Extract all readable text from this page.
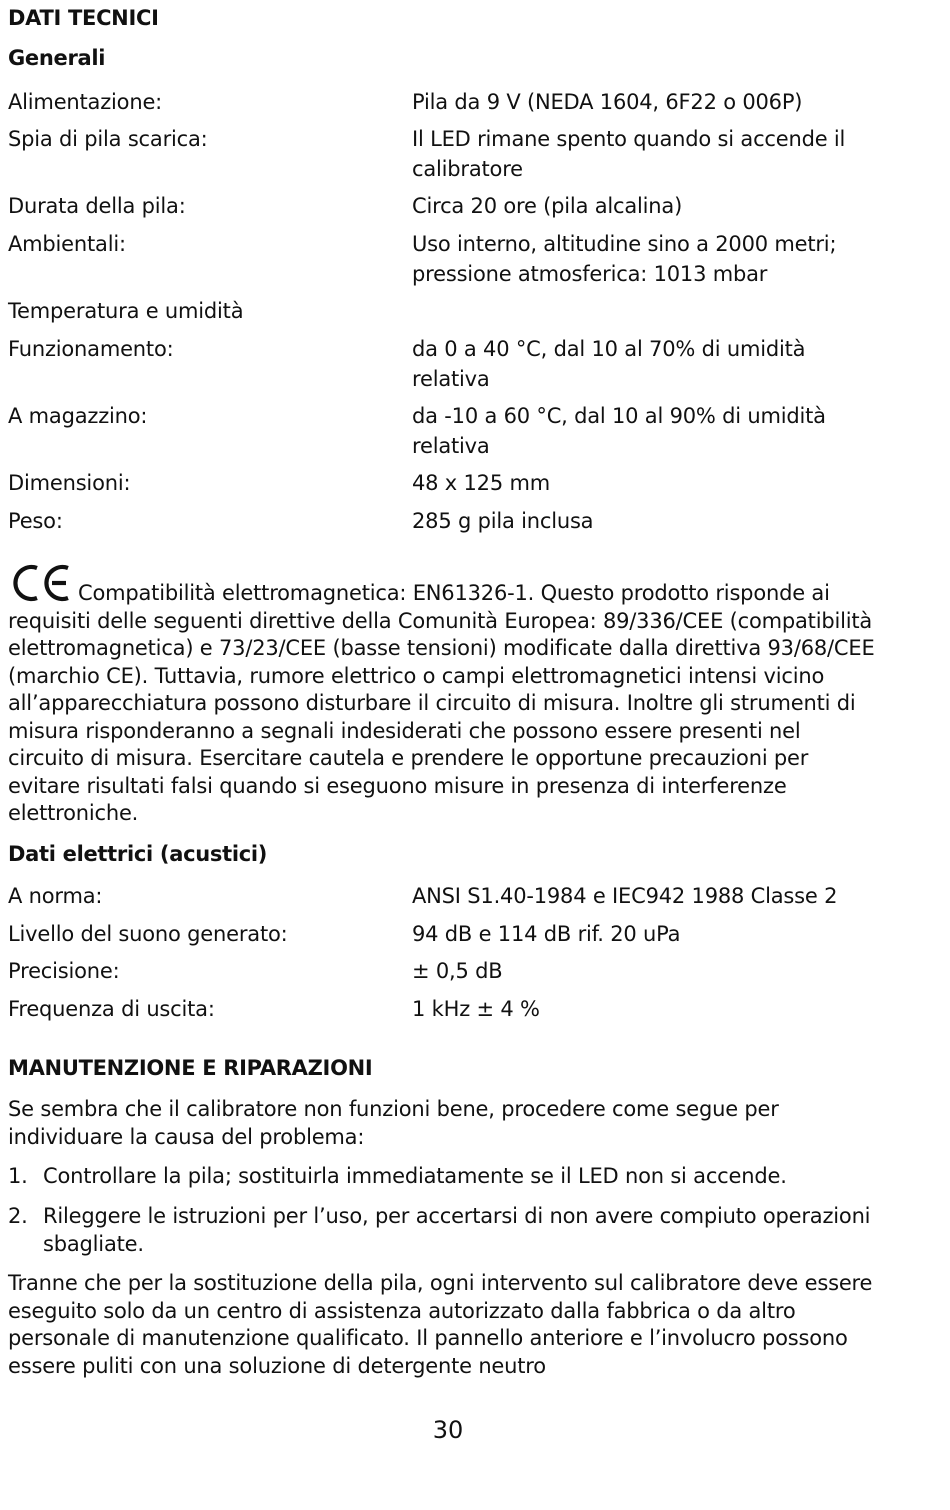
DATI TECNICI
Generali
Alimentazione:	Pila da 9 V (NEDA 1604, 6F22 o 006P)
Spia di pila scarica:	Il LED rimane spento quando si accende il calibratore
Durata della pila:	Circa 20 ore (pila alcalina)
Ambientali:	Uso interno, altitudine sino a 2000 metri; pressione atmosferica: 1013 mbar
Temperatura e umidità
Funzionamento:	da 0 a 40 °C, dal 10 al 70% di umidità relativa
A magazzino:	da -10 a 60 °C, dal 10 al 90% di umidità relativa
Dimensioni:	48 x 125 mm
Peso:	285 g pila inclusa
Compatibilità elettromagnetica: EN61326-1. Questo prodotto risponde ai requisiti delle seguenti direttive della Comunità Europea: 89/336/CEE (compatibilità elettromagnetica) e 73/23/CEE (basse tensioni) modificate dalla direttiva 93/68/CEE (marchio CE). Tuttavia, rumore elettrico o campi elettromagnetici intensi vicino all’apparecchiatura possono disturbare il circuito di misura. Inoltre gli strumenti di misura risponderanno a segnali indesiderati che possono essere presenti nel circuito di misura. Esercitare cautela e prendere le opportune precauzioni per evitare risultati falsi quando si eseguono misure in presenza di interferenze elettroniche.
Dati elettrici (acustici)
A norma:	ANSI S1.40-1984 e IEC942 1988 Classe 2
Livello del suono generato:	94 dB e 114 dB rif. 20 uPa
Precisione:	± 0,5 dB
Frequenza di uscita:	1 kHz ± 4 %
MANUTENZIONE E RIPARAZIONI
Se sembra che il calibratore non funzioni bene, procedere come segue per individuare la causa del problema:
1. Controllare la pila; sostituirla immediatamente se il LED non si accende.
2. Rileggere le istruzioni per l’uso, per accertarsi di non avere compiuto operazioni sbagliate.
Tranne che per la sostituzione della pila, ogni intervento sul calibratore deve essere eseguito solo da un centro di assistenza autorizzato dalla fabbrica o da altro personale di manutenzione qualificato. Il pannello anteriore e l’involucro possono essere puliti con una soluzione di detergente neutro
30
